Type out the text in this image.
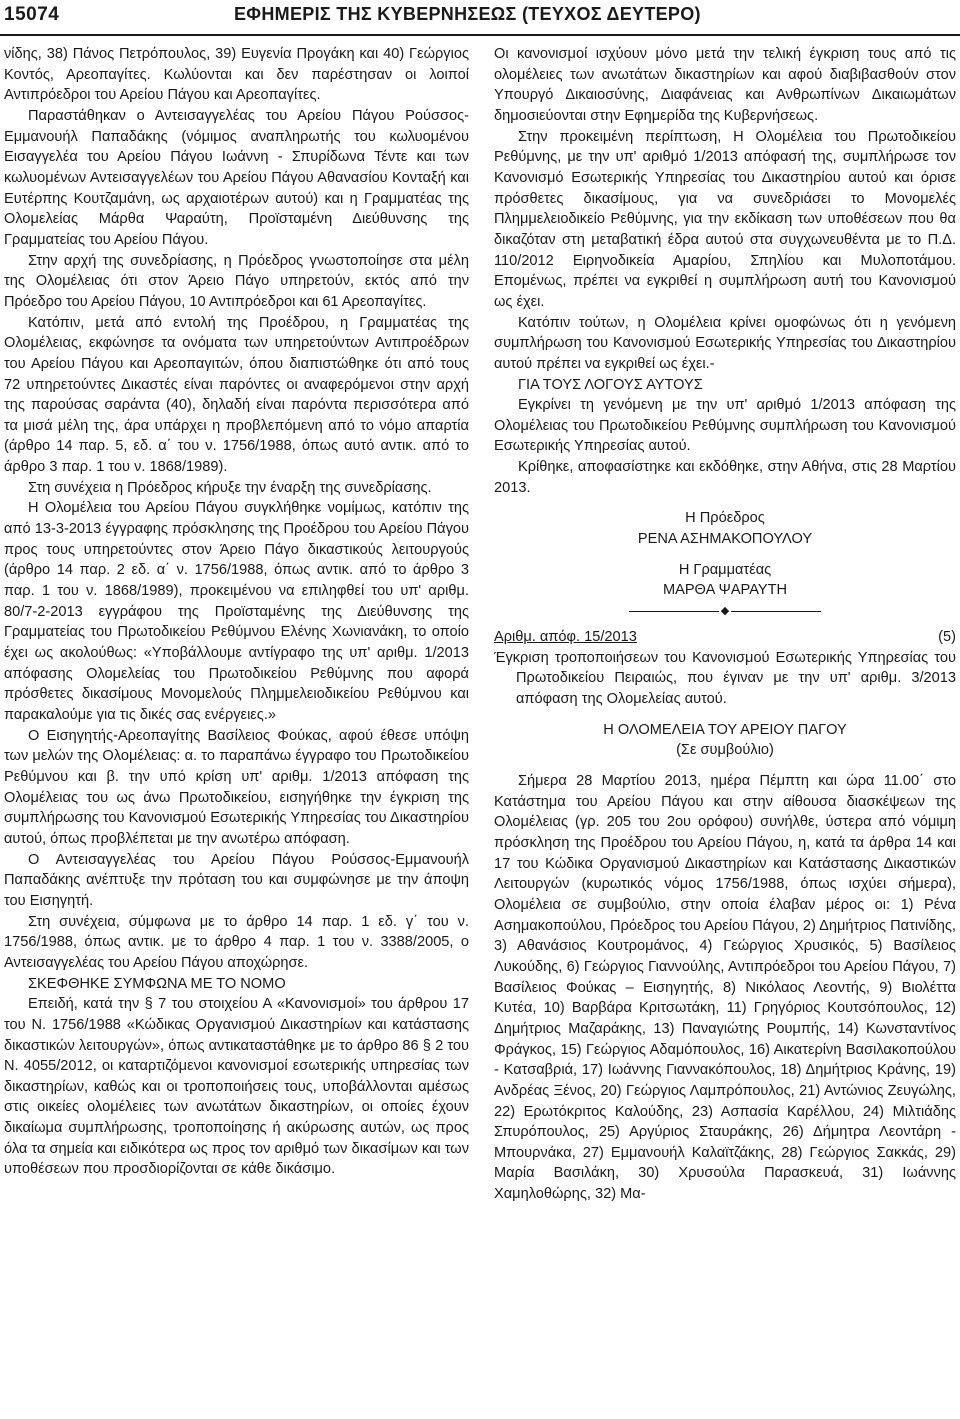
15074	ΕΦΗΜΕΡΙΣ ΤΗΣ ΚΥΒΕΡΝΗΣΕΩΣ (ΤΕΥΧΟΣ ΔΕΥΤΕΡΟ)

νίδης, 38) Πάνος Πετρόπουλος, 39) Ευγενία Προγάκη και 40) Γεώργιος Κοντός, Αρεοπαγίτες. Κωλύονται και δεν παρέστησαν οι λοιποί Αντιπρόεδροι του Αρείου Πάγου και Αρεοπαγίτες.

Παραστάθηκαν ο Αντεισαγγελέας του Αρείου Πάγου Ρούσσος-Εμμανουήλ Παπαδάκης (νόμιμος αναπληρωτής του κωλυομένου Εισαγγελέα του Αρείου Πάγου Ιωάννη - Σπυρίδωνα Τέντε και των κωλυομένων Αντεισαγγελέων του Αρείου Πάγου Αθανασίου Κονταξή και Ευτέρπης Κουτζαμάνη, ως αρχαιοτέρων αυτού) και η Γραμματέας της Ολομελείας Μάρθα Ψαραύτη, Προϊσταμένη Διεύθυνσης της Γραμματείας του Αρείου Πάγου.

Στην αρχή της συνεδρίασης, η Πρόεδρος γνωστοποίησε στα μέλη της Ολομέλειας ότι στον Άρειο Πάγο υπηρετούν, εκτός από την Πρόεδρο του Αρείου Πάγου, 10 Αντιπρόεδροι και 61 Αρεοπαγίτες.

Κατόπιν, μετά από εντολή της Προέδρου, η Γραμματέας της Ολομέλειας, εκφώνησε τα ονόματα των υπηρετούντων Αντιπροέδρων του Αρείου Πάγου και Αρεοπαγιτών, όπου διαπιστώθηκε ότι από τους 72 υπηρετούντες Δικαστές είναι παρόντες οι αναφερόμενοι στην αρχή της παρούσας σαράντα (40), δηλαδή είναι παρόντα περισσότερα από τα μισά μέλη της, άρα υπάρχει η προβλεπόμενη από το νόμο απαρτία (άρθρο 14 παρ. 5, εδ. α΄ του ν. 1756/1988, όπως αυτό αντικ. από το άρθρο 3 παρ. 1 του ν. 1868/1989).

Στη συνέχεια η Πρόεδρος κήρυξε την έναρξη της συνεδρίασης.

Η Ολομέλεια του Αρείου Πάγου συγκλήθηκε νομίμως, κατόπιν της από 13-3-2013 έγγραφης πρόσκλησης της Προέδρου του Αρείου Πάγου προς τους υπηρετούντες στον Άρειο Πάγο δικαστικούς λειτουργούς (άρθρο 14 παρ. 2 εδ. α΄ ν. 1756/1988, όπως αντικ. από το άρθρο 3 παρ. 1 του ν. 1868/1989), προκειμένου να επιληφθεί του υπ' αριθμ. 80/7-2-2013 εγγράφου της Προϊσταμένης της Διεύθυνσης της Γραμματείας του Πρωτοδικείου Ρεθύμνου Ελένης Χωνιανάκη, το οποίο έχει ως ακολούθως: «Υποβάλλουμε αντίγραφο της υπ' αριθμ. 1/2013 απόφασης Ολομελείας του Πρωτοδικείου Ρεθύμνης που αφορά πρόσθετες δικασίμους Μονομελούς Πλημμελειοδικείου Ρεθύμνου και παρακαλούμε για τις δικές σας ενέργειες.»

Ο Εισηγητής-Αρεοπαγίτης Βασίλειος Φούκας, αφού έθεσε υπόψη των μελών της Ολομέλειας: α. το παραπάνω έγγραφο του Πρωτοδικείου Ρεθύμνου και β. την υπό κρίση υπ' αριθμ. 1/2013 απόφαση της Ολομέλειας του ως άνω Πρωτοδικείου, εισηγήθηκε την έγκριση της συμπλήρωσης του Κανονισμού Εσωτερικής Υπηρεσίας του Δικαστηρίου αυτού, όπως προβλέπεται με την ανωτέρω απόφαση.

Ο Αντεισαγγελέας του Αρείου Πάγου Ρούσσος-Εμμανουήλ Παπαδάκης ανέπτυξε την πρόταση του και συμφώνησε με την άποψη του Εισηγητή.

Στη συνέχεια, σύμφωνα με το άρθρο 14 παρ. 1 εδ. γ΄ του ν. 1756/1988, όπως αντικ. με το άρθρο 4 παρ. 1 του ν. 3388/2005, ο Αντεισαγγελέας του Αρείου Πάγου αποχώρησε.

ΣΚΕΦΘΗΚΕ ΣΥΜΦΩΝΑ ΜΕ ΤΟ ΝΟΜΟ

Επειδή, κατά την § 7 του στοιχείου Α «Κανονισμοί» του άρθρου 17 του Ν. 1756/1988 «Κώδικας Οργανισμού Δικαστηρίων και κατάστασης δικαστικών λειτουργών», όπως αντικαταστάθηκε με το άρθρο 86 § 2 του Ν. 4055/2012, οι καταρτιζόμενοι κανονισμοί εσωτερικής υπηρεσίας των δικαστηρίων, καθώς και οι τροποποιήσεις τους, υποβάλλονται αμέσως στις οικείες ολομέλειες των ανωτάτων δικαστηρίων, οι οποίες έχουν δικαίωμα συμπλήρωσης, τροποποίησης ή ακύρωσης αυτών, ως προς όλα τα σημεία και ειδικότερα ως προς τον αριθμό των δικασίμων και των υποθέσεων που προσδιορίζονται σε κάθε δικάσιμο.

Οι κανονισμοί ισχύουν μόνο μετά την τελική έγκριση τους από τις ολομέλειες των ανωτάτων δικαστηρίων και αφού διαβιβασθούν στον Υπουργό Δικαιοσύνης, Διαφάνειας και Ανθρωπίνων Δικαιωμάτων δημοσιεύονται στην Εφημερίδα της Κυβερνήσεως.

Στην προκειμένη περίπτωση, Η Ολομέλεια του Πρωτοδικείου Ρεθύμνης, με την υπ' αριθμό 1/2013 απόφασή της, συμπλήρωσε τον Κανονισμό Εσωτερικής Υπηρεσίας του Δικαστηρίου αυτού και όρισε πρόσθετες δικασίμους, για να συνεδριάσει το Μονομελές Πλημμελειοδικείο Ρεθύμνης, για την εκδίκαση των υποθέσεων που θα δικαζόταν στη μεταβατική έδρα αυτού στα συγχωνευθέντα με το Π.Δ. 110/2012 Ειρηνοδικεία Αμαρίου, Σπηλίου και Μυλοποτάμου. Επομένως, πρέπει να εγκριθεί η συμπλήρωση αυτή του Κανονισμού ως έχει.

Κατόπιν τούτων, η Ολομέλεια κρίνει ομοφώνως ότι η γενόμενη συμπλήρωση του Κανονισμού Εσωτερικής Υπηρεσίας του Δικαστηρίου αυτού πρέπει να εγκριθεί ως έχει.-

ΓΙΑ ΤΟΥΣ ΛΟΓΟΥΣ ΑΥΤΟΥΣ

Εγκρίνει τη γενόμενη με την υπ' αριθμό 1/2013 απόφαση της Ολομέλειας του Πρωτοδικείου Ρεθύμνης συμπλήρωση του Κανονισμού Εσωτερικής Υπηρεσίας αυτού.

Κρίθηκε, αποφασίστηκε και εκδόθηκε, στην Αθήνα, στις 28 Μαρτίου 2013.

Η Πρόεδρος

ΡΕΝΑ ΑΣΗΜΑΚΟΠΟΥΛΟΥ

Η Γραμματέας

ΜΑΡΘΑ ΨΑΡΑΥΤΗ

◆
Αριθμ. απόφ. 15/2013	(5)

Έγκριση τροποποιήσεων του Κανονισμού Εσωτερικής Υπηρεσίας του Πρωτοδικείου Πειραιώς, που έγιναν με την υπ' αριθμ. 3/2013 απόφαση της Ολομελείας αυτού.

Η ΟΛΟΜΕΛΕΙΑ ΤΟΥ ΑΡΕΙΟΥ ΠΑΓΟΥ

(Σε συμβούλιο)

Σήμερα 28 Μαρτίου 2013, ημέρα Πέμπτη και ώρα 11.00΄ στο Κατάστημα του Αρείου Πάγου και στην αίθουσα διασκέψεων της Ολομέλειας (γρ. 205 του 2ου ορόφου) συνήλθε, ύστερα από νόμιμη πρόσκληση της Προέδρου του Αρείου Πάγου, η, κατά τα άρθρα 14 και 17 του Κώδικα Οργανισμού Δικαστηρίων και Κατάστασης Δικαστικών Λειτουργών (κυρωτικός νόμος 1756/1988, όπως ισχύει σήμερα), Ολομέλεια σε συμβούλιο, στην οποία έλαβαν μέρος οι: 1) Ρένα Ασημακοπούλου, Πρόεδρος του Αρείου Πάγου, 2) Δημήτριος Πατινίδης, 3) Αθανάσιος Κουτρομάνος, 4) Γεώργιος Χρυσικός, 5) Βασίλειος Λυκούδης, 6) Γεώργιος Γιαννούλης, Αντιπρόεδροι του Αρείου Πάγου, 7) Βασίλειος Φούκας – Εισηγητής, 8) Νικόλαος Λεοντής, 9) Βιολέττα Κυτέα, 10) Βαρβάρα Κριτσωτάκη, 11) Γρηγόριος Κουτσόπουλος, 12) Δημήτριος Μαζαράκης, 13) Παναγιώτης Ρουμπής, 14) Κωνσταντίνος Φράγκος, 15) Γεώργιος Αδαμόπουλος, 16) Αικατερίνη Βασιλακοπούλου - Κατσαβριά, 17) Ιωάννης Γιαννακόπουλος, 18) Δημήτριος Κράνης, 19) Ανδρέας Ξένος, 20) Γεώργιος Λαμπρόπουλος, 21) Αντώνιος Ζευγώλης, 22) Ερωτόκριτος Καλούδης, 23) Ασπασία Καρέλλου, 24) Μιλτιάδης Σπυρόπουλος, 25) Αργύριος Σταυράκης, 26) Δήμητρα Λεοντάρη - Μπουρνάκα, 27) Εμμανουήλ Καλαϊτζάκης, 28) Γεώργιος Σακκάς, 29) Μαρία Βασιλάκη, 30) Χρυσούλα Παρασκευά, 31) Ιωάννης Χαμηλοθώρης, 32) Μα-
